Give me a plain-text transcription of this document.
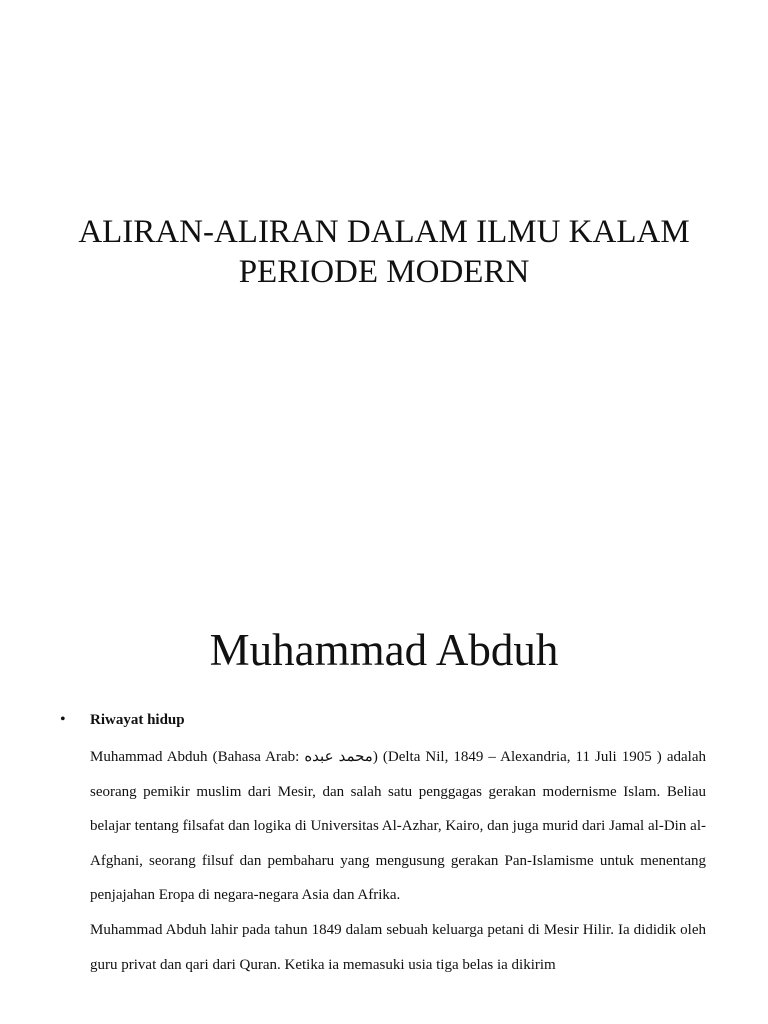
ALIRAN-ALIRAN DALAM ILMU KALAM
PERIODE MODERN
Muhammad Abduh
• Riwayat hidup

Muhammad Abduh (Bahasa Arab: محمد عبده) (Delta Nil, 1849 – Alexandria, 11 Juli 1905 ) adalah seorang pemikir muslim dari Mesir, dan salah satu penggagas gerakan modernisme Islam. Beliau belajar tentang filsafat dan logika di Universitas Al-Azhar, Kairo, dan juga murid dari Jamal al-Din al-Afghani, seorang filsuf dan pembaharu yang mengusung gerakan Pan-Islamisme untuk menentang penjajahan Eropa di negara-negara Asia dan Afrika.

Muhammad Abduh lahir pada tahun 1849 dalam sebuah keluarga petani di Mesir Hilir. Ia dididik oleh guru privat dan qari dari Quran. Ketika ia memasuki usia tiga belas ia dikirim
